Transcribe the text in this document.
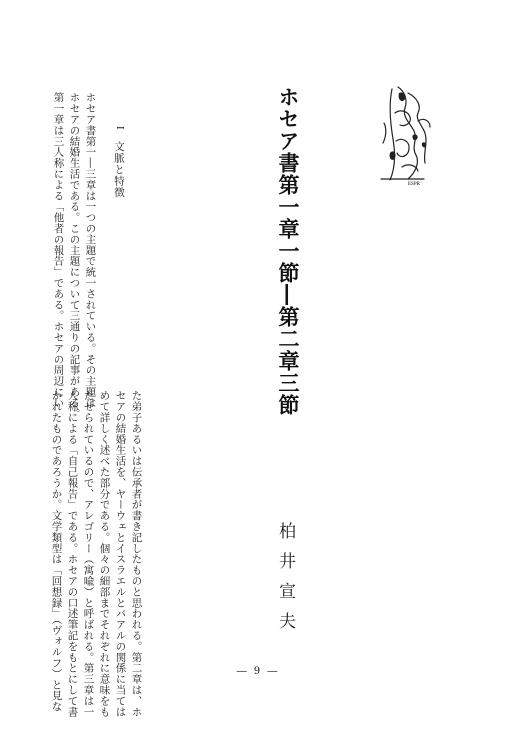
ESPR
ホセア書第一章一節―第二章三節
I 文脈と特徴

ホセア書第一―三章は一つの主題で統一されている。その主題は

ホセアの結婚生活である。この主題について三通りの記事がある。

第一章は三人称による「他者の報告」である。ホセアの周辺にい

た弟子あるいは伝承者が書き記したものと思われる。第二章は、ホ

セアの結婚生活を、ヤーウェとイスラエルとバアルの関係に当ては

めて詳しく述べた部分である。個々の細部までそれぞれに意味をも

たせられているので、アレゴリー（寓喩）と呼ばれる。第三章は一

人称による「自己報告」である。ホセアの口述筆記をもとにして書

かれたものであろうか。文学類型は「回想録」（ヴォルフ）と見な	柏井宣夫

― 9 ―
